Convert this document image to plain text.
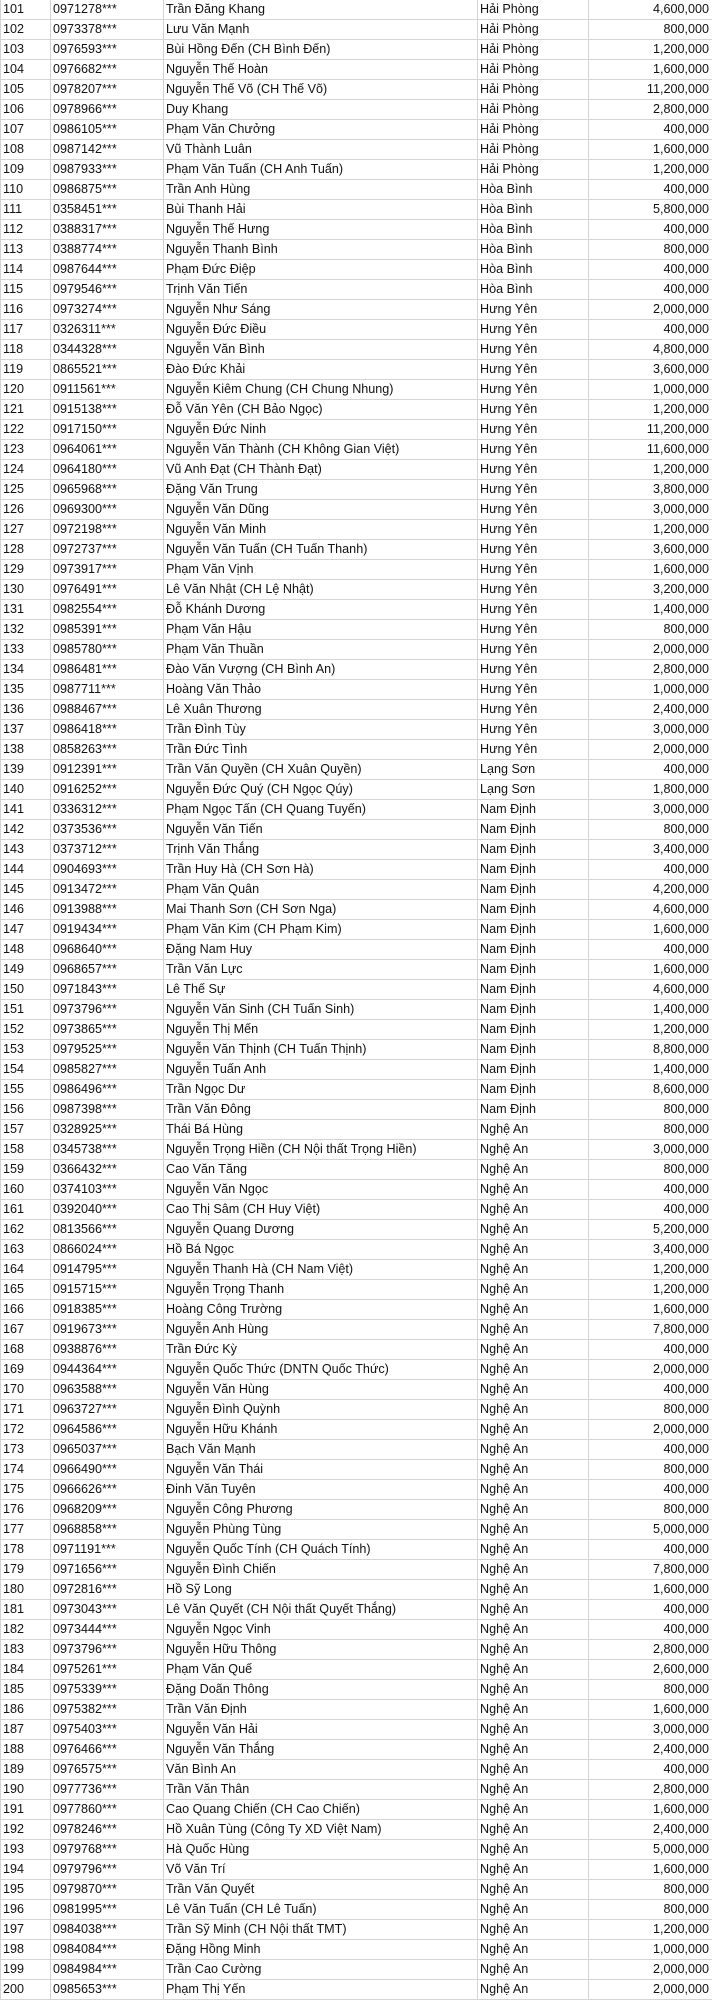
101	0971278***	Trần Đăng Khang	Hải Phòng	4,600,000
102	0973378***	Lưu Văn Mạnh	Hải Phòng	800,000
103	0976593***	Bùi Hồng Đến (CH Bình Đến)	Hải Phòng	1,200,000
104	0976682***	Nguyễn Thế Hoàn	Hải Phòng	1,600,000
105	0978207***	Nguyễn Thế Võ (CH Thế Võ)	Hải Phòng	11,200,000
106	0978966***	Duy Khang	Hải Phòng	2,800,000
107	0986105***	Phạm Văn Chưởng	Hải Phòng	400,000
108	0987142***	Vũ Thành Luân	Hải Phòng	1,600,000
109	0987933***	Phạm Văn Tuấn (CH Anh Tuấn)	Hải Phòng	1,200,000
110	0986875***	Trần Anh Hùng	Hòa Bình	400,000
111	0358451***	Bùi Thanh Hải	Hòa Bình	5,800,000
112	0388317***	Nguyễn Thế Hưng	Hòa Bình	400,000
113	0388774***	Nguyễn Thanh Bình	Hòa Bình	800,000
114	0987644***	Phạm Đức Điệp	Hòa Bình	400,000
115	0979546***	Trịnh Văn Tiến	Hòa Bình	400,000
116	0973274***	Nguyễn Như Sáng	Hưng Yên	2,000,000
117	0326311***	Nguyễn Đức Điều	Hưng Yên	400,000
118	0344328***	Nguyễn Văn Bình	Hưng Yên	4,800,000
119	0865521***	Đào Đức Khải	Hưng Yên	3,600,000
120	0911561***	Nguyễn Kiêm Chung (CH Chung Nhung)	Hưng Yên	1,000,000
121	0915138***	Đỗ Văn Yên (CH Bảo Ngọc)	Hưng Yên	1,200,000
122	0917150***	Nguyễn Đức Ninh	Hưng Yên	11,200,000
123	0964061***	Nguyễn Văn Thành (CH Không Gian Việt)	Hưng Yên	11,600,000
124	0964180***	Vũ Anh Đạt (CH Thành Đạt)	Hưng Yên	1,200,000
125	0965968***	Đặng Văn Trung	Hưng Yên	3,800,000
126	0969300***	Nguyễn Văn Dũng	Hưng Yên	3,000,000
127	0972198***	Nguyễn Văn Minh	Hưng Yên	1,200,000
128	0972737***	Nguyễn Văn Tuấn (CH Tuấn Thanh)	Hưng Yên	3,600,000
129	0973917***	Phạm Văn Vịnh	Hưng Yên	1,600,000
130	0976491***	Lê Văn Nhật (CH Lệ Nhật)	Hưng Yên	3,200,000
131	0982554***	Đỗ Khánh Dương	Hưng Yên	1,400,000
132	0985391***	Phạm Văn Hậu	Hưng Yên	800,000
133	0985780***	Phạm Văn Thuần	Hưng Yên	2,000,000
134	0986481***	Đào Văn Vượng (CH Bình An)	Hưng Yên	2,800,000
135	0987711***	Hoàng Văn Thảo	Hưng Yên	1,000,000
136	0988467***	Lê Xuân Thương	Hưng Yên	2,400,000
137	0986418***	Trần Đình Tùy	Hưng Yên	3,000,000
138	0858263***	Trần Đức Tình	Hưng Yên	2,000,000
139	0912391***	Trần Văn Quyền (CH Xuân Quyền)	Lạng Sơn	400,000
140	0916252***	Nguyễn Đức Quý (CH Ngọc Qúy)	Lạng Sơn	1,800,000
141	0336312***	Phạm Ngọc Tấn (CH Quang Tuyến)	Nam Định	3,000,000
142	0373536***	Nguyễn Văn Tiến	Nam Định	800,000
143	0373712***	Trịnh Văn Thắng	Nam Định	3,400,000
144	0904693***	Trần Huy Hà (CH Sơn Hà)	Nam Định	400,000
145	0913472***	Phạm Văn Quân	Nam Định	4,200,000
146	0913988***	Mai Thanh Sơn (CH Sơn Nga)	Nam Định	4,600,000
147	0919434***	Phạm Văn Kim (CH Phạm Kim)	Nam Định	1,600,000
148	0968640***	Đặng Nam Huy	Nam Định	400,000
149	0968657***	Trần Văn Lực	Nam Định	1,600,000
150	0971843***	Lê Thế Sự	Nam Định	4,600,000
151	0973796***	Nguyễn Văn Sinh (CH Tuấn Sinh)	Nam Định	1,400,000
152	0973865***	Nguyễn Thị Mến	Nam Định	1,200,000
153	0979525***	Nguyễn Văn Thịnh (CH Tuấn Thịnh)	Nam Định	8,800,000
154	0985827***	Nguyễn Tuấn Anh	Nam Định	1,400,000
155	0986496***	Trần Ngọc Dư	Nam Định	8,600,000
156	0987398***	Trần Văn Đông	Nam Định	800,000
157	0328925***	Thái Bá Hùng	Nghệ An	800,000
158	0345738***	Nguyễn Trọng Hiền (CH Nội thất Trọng Hiền)	Nghệ An	3,000,000
159	0366432***	Cao Văn Tăng	Nghệ An	800,000
160	0374103***	Nguyễn Văn Ngọc	Nghệ An	400,000
161	0392040***	Cao Thị Sâm (CH Huy Việt)	Nghệ An	400,000
162	0813566***	Nguyễn Quang Dương	Nghệ An	5,200,000
163	0866024***	Hồ Bá Ngọc	Nghệ An	3,400,000
164	0914795***	Nguyễn Thanh Hà (CH Nam Việt)	Nghệ An	1,200,000
165	0915715***	Nguyễn Trọng Thanh	Nghệ An	1,200,000
166	0918385***	Hoàng Công Trường	Nghệ An	1,600,000
167	0919673***	Nguyễn Anh Hùng	Nghệ An	7,800,000
168	0938876***	Trần Đức Kỳ	Nghệ An	400,000
169	0944364***	Nguyễn Quốc Thức (DNTN Quốc Thức)	Nghệ An	2,000,000
170	0963588***	Nguyễn Văn Hùng	Nghệ An	400,000
171	0963727***	Nguyễn Đình Quỳnh	Nghệ An	800,000
172	0964586***	Nguyễn Hữu Khánh	Nghệ An	2,000,000
173	0965037***	Bạch Văn Mạnh	Nghệ An	400,000
174	0966490***	Nguyễn Văn Thái	Nghệ An	800,000
175	0966626***	Đinh Văn Tuyên	Nghệ An	400,000
176	0968209***	Nguyễn Công Phương	Nghệ An	800,000
177	0968858***	Nguyễn Phùng Tùng	Nghệ An	5,000,000
178	0971191***	Nguyễn Quốc Tính (CH Quách Tính)	Nghệ An	400,000
179	0971656***	Nguyễn Đình Chiến	Nghệ An	7,800,000
180	0972816***	Hồ Sỹ Long	Nghệ An	1,600,000
181	0973043***	Lê Văn Quyết (CH Nội thất Quyết Thắng)	Nghệ An	400,000
182	0973444***	Nguyễn Ngọc Vinh	Nghệ An	400,000
183	0973796***	Nguyễn Hữu Thông	Nghệ An	2,800,000
184	0975261***	Phạm Văn Quế	Nghệ An	2,600,000
185	0975339***	Đặng Doãn Thông	Nghệ An	800,000
186	0975382***	Trần Văn Định	Nghệ An	1,600,000
187	0975403***	Nguyễn Văn Hải	Nghệ An	3,000,000
188	0976466***	Nguyễn Văn Thắng	Nghệ An	2,400,000
189	0976575***	Văn Bình An	Nghệ An	400,000
190	0977736***	Trần Văn Thân	Nghệ An	2,800,000
191	0977860***	Cao Quang Chiến (CH Cao Chiến)	Nghệ An	1,600,000
192	0978246***	Hồ Xuân Tùng (Công Ty XD Việt Nam)	Nghệ An	2,400,000
193	0979768***	Hà Quốc Hùng	Nghệ An	5,000,000
194	0979796***	Võ Văn Trí	Nghệ An	1,600,000
195	0979870***	Trần Văn Quyết	Nghệ An	800,000
196	0981995***	Lê Văn Tuấn (CH Lê Tuấn)	Nghệ An	800,000
197	0984038***	Trần Sỹ Minh (CH Nội thất TMT)	Nghệ An	1,200,000
198	0984084***	Đặng Hồng Minh	Nghệ An	1,000,000
199	0984984***	Trần Cao Cường	Nghệ An	2,000,000
200	0985653***	Phạm Thị Yến	Nghệ An	2,000,000
